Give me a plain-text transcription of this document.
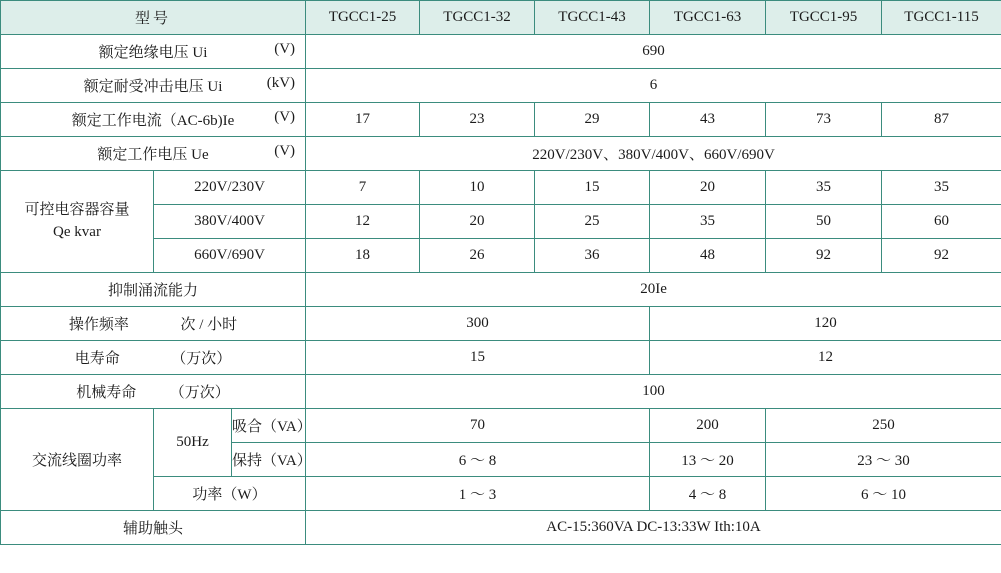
型号			TGCC1-25	TGCC1-32	TGCC1-43	TGCC1-63	TGCC1-95	TGCC1-115
额定绝缘电压 Ui (V)			690					
额定耐受冲击电压 Ui (kV)			6					
额定工作电流（AC-6b)Ie (V)			17	23	29	43	73	87
额定工作电压 Ue (V)			220V/230V、380V/400V、660V/690V					
可控电容器容量
Qe kvar	220V/230V		7	10	15	20	35	35
	380V/400V		12	20	25	35	50	60
	660V/690V		18	26	36	48	92	92
抑制涌流能力			20Ie					
操作频率 次 / 小时			300			120		
电寿命 （万次）			15			12		
机械寿命 （万次）			100					
交流线圈功率	50Hz	吸合（VA）	70			200	250	
		保持（VA）	6 ～ 8			13 ～ 20	23 ～ 30	
	功率（W）		1 ～ 3			4 ～ 8	6 ～ 10	
辅助触头			AC-15:360VA DC-13:33W Ith:10A					
